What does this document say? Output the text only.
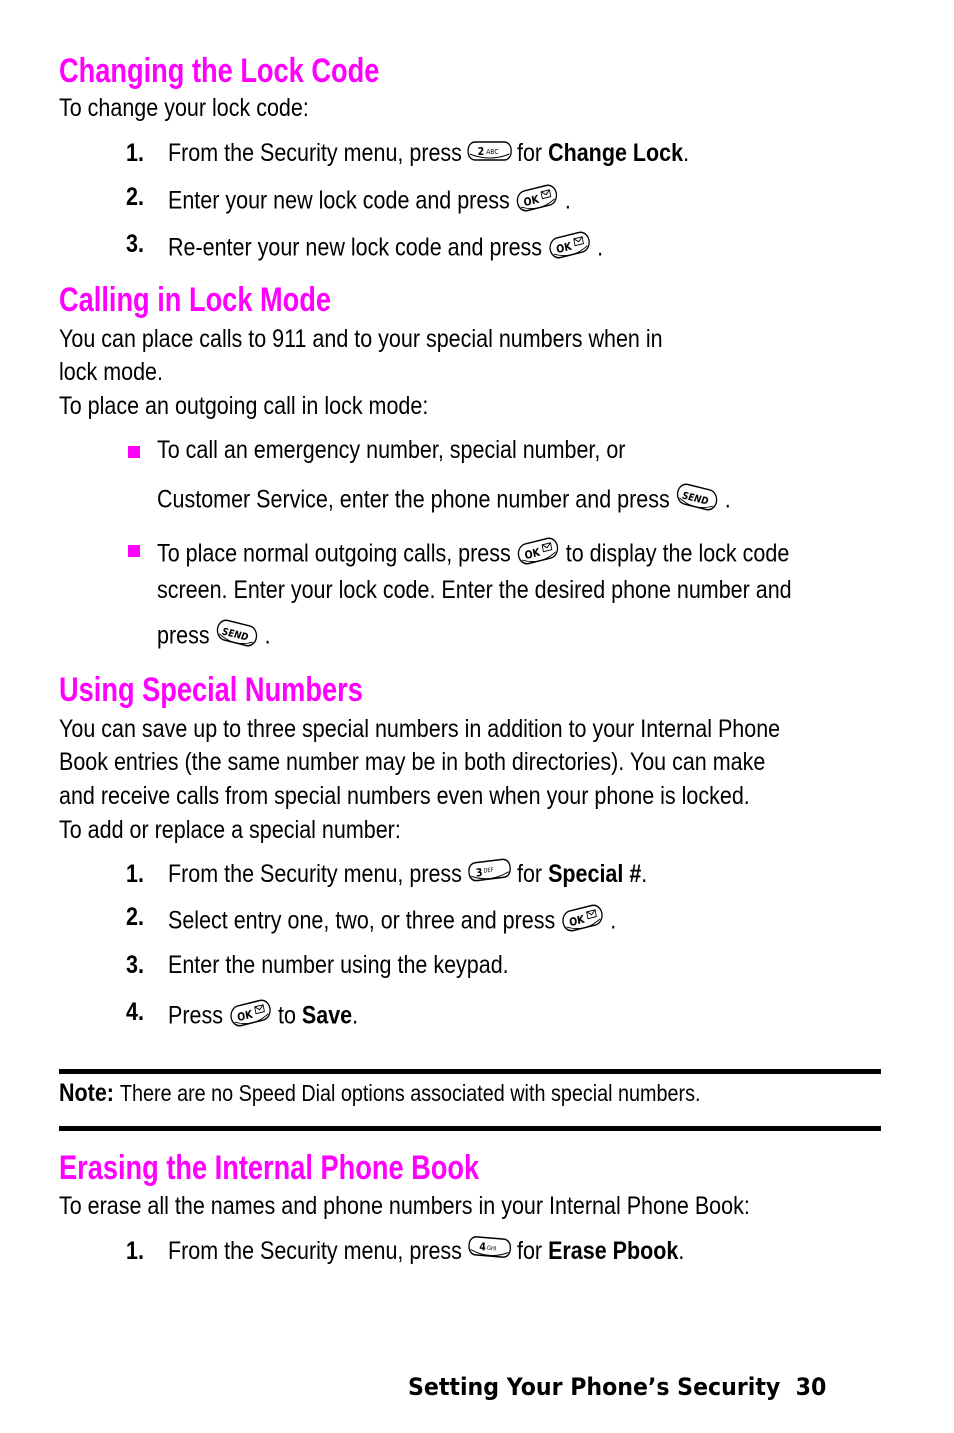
Changing the Lock Code
To change your lock code:
1. From the Security menu, press 2 ABC for Change Lock.
2. Enter your new lock code and press OK .
3. Re-enter your new lock code and press OK .
Calling in Lock Mode
You can place calls to 911 and to your special numbers when in
lock mode.
To place an outgoing call in lock mode:
To call an emergency number, special number, or
Customer Service, enter the phone number and press SEND .
To place normal outgoing calls, press OK to display the lock code
screen. Enter your lock code. Enter the desired phone number and
press SEND .
Using Special Numbers
You can save up to three special numbers in addition to your Internal Phone
Book entries (the same number may be in both directories). You can make
and receive calls from special numbers even when your phone is locked.
To add or replace a special number:
1. From the Security menu, press 3 DEF for Special #.
2. Select entry one, two, or three and press OK .
3. Enter the number using the keypad.
4. Press OK to Save.
Note: There are no Speed Dial options associated with special numbers.
Erasing the Internal Phone Book
To erase all the names and phone numbers in your Internal Phone Book:
1. From the Security menu, press 4 GHI for Erase Pbook.
Setting Your Phone’s Security 30
